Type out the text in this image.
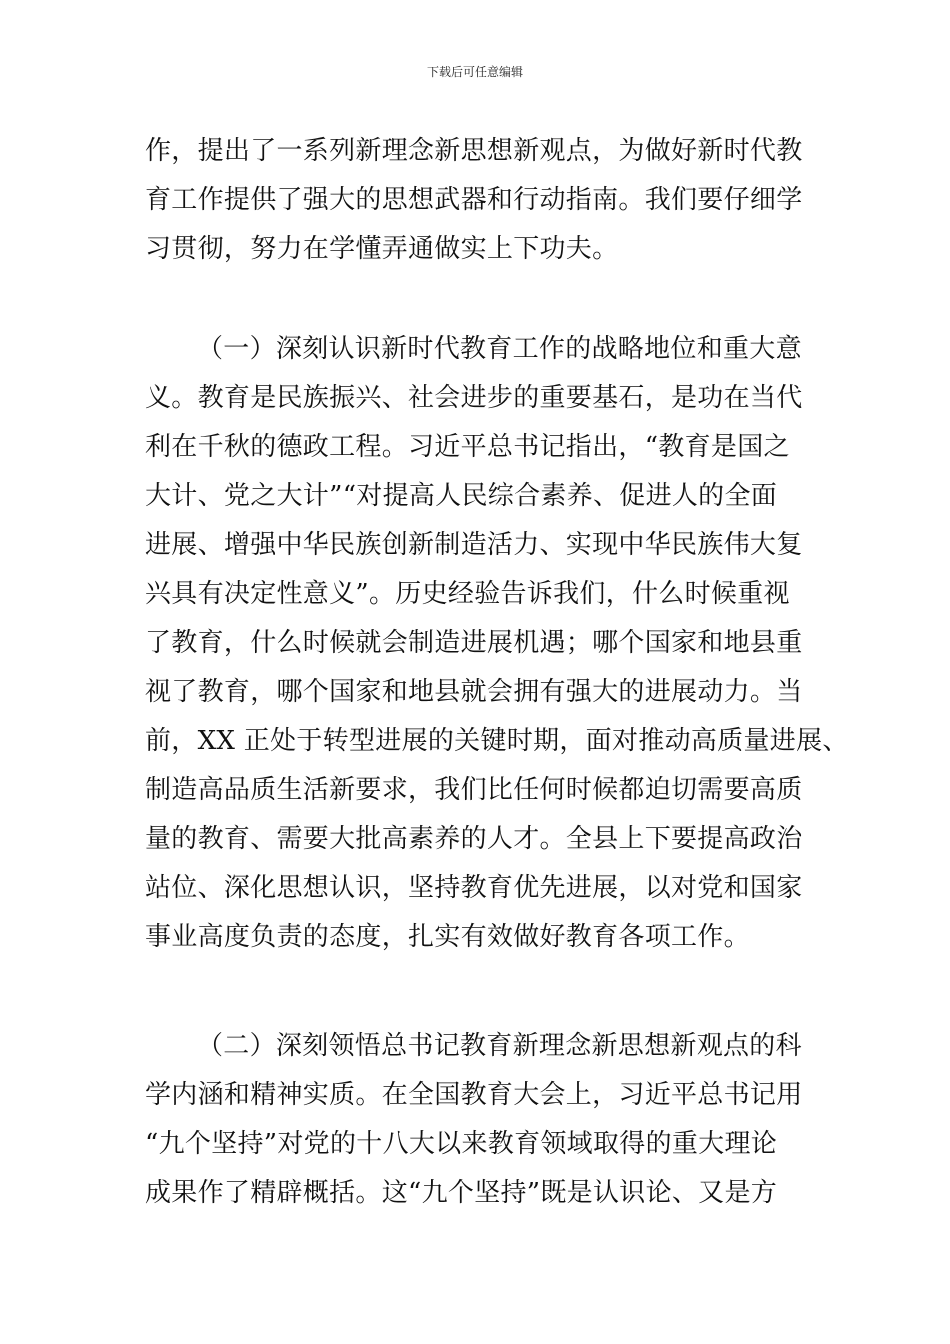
下载后可任意编辑
作，提出了一系列新理念新思想新观点，为做好新时代教
育工作提供了强大的思想武器和行动指南。我们要仔细学
习贯彻，努力在学懂弄通做实上下功夫。
（一）深刻认识新时代教育工作的战略地位和重大意
义。教育是民族振兴、社会进步的重要基石，是功在当代
利在千秋的德政工程。习近平总书记指出，“教育是国之
大计、党之大计”“对提高人民综合素养、促进人的全面
进展、增强中华民族创新制造活力、实现中华民族伟大复
兴具有决定性意义”。历史经验告诉我们，什么时候重视
了教育，什么时候就会制造进展机遇；哪个国家和地县重
视了教育，哪个国家和地县就会拥有强大的进展动力。当
前，XX 正处于转型进展的关键时期，面对推动高质量进展、
制造高品质生活新要求，我们比任何时候都迫切需要高质
量的教育、需要大批高素养的人才。全县上下要提高政治
站位、深化思想认识，坚持教育优先进展，以对党和国家
事业高度负责的态度，扎实有效做好教育各项工作。
（二）深刻领悟总书记教育新理念新思想新观点的科
学内涵和精神实质。在全国教育大会上，习近平总书记用
“九个坚持”对党的十八大以来教育领域取得的重大理论
成果作了精辟概括。这“九个坚持”既是认识论、又是方
